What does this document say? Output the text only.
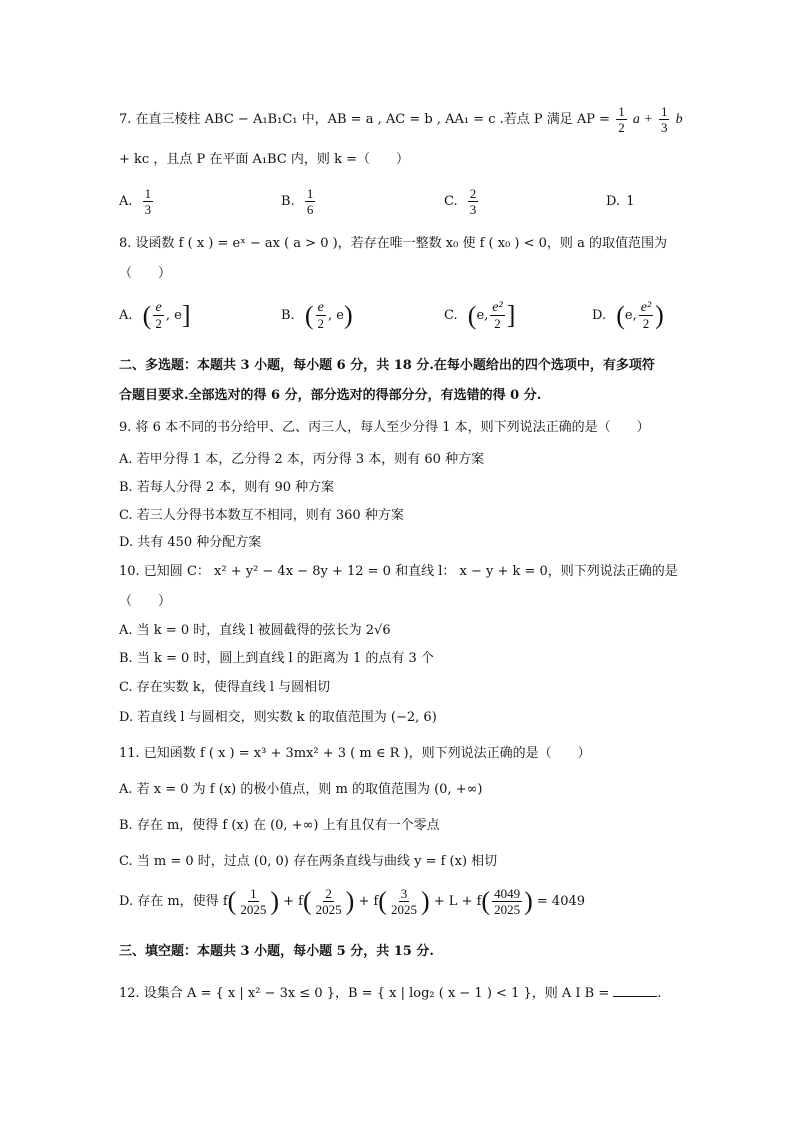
7. 在直三棱柱 ABC − A₁B₁C₁ 中，AB = a , AC = b , AA₁ = c .若点 P 满足 AP = $\frac{1}{2}$ $a + \frac{1}{3}$ b
+ kc ，且点 P 在平面 A₁BC 内，则 k =（　　）
A. $\frac{1}{3}$	B. $\frac{1}{6}$	C. $\frac{2}{3}$	D. 1
8. 设函数 f ( x ) = eˣ − ax ( a > 0 )，若存在唯一整数 x₀ 使 f ( x₀ ) < 0，则 a 的取值范围为
（　　）
A. ( $\frac{e}{2}$ , e]	B. ( $\frac{e}{2}$ , e)	C. (e, $\frac{\text{e²}}{2}$ ]	D. (e, $\frac{\text{e²}}{2}$ )
二、多选题：本题共 3 小题，每小题 6 分，共 18 分.在每小题给出的四个选项中，有多项符
合题目要求.全部选对的得 6 分，部分选对的得部分分，有选错的得 0 分.
9. 将 6 本不同的书分给甲、乙、丙三人，每人至少分得 1 本，则下列说法正确的是（　　）
A. 若甲分得 1 本，乙分得 2 本，丙分得 3 本，则有 60 种方案
B. 若每人分得 2 本，则有 90 种方案
C. 若三人分得书本数互不相同，则有 360 种方案
D. 共有 450 种分配方案
10. 已知圆 C： x² + y² − 4x − 8y + 12 = 0 和直线 l： x − y + k = 0，则下列说法正确的是
（　　）
A. 当 k = 0 时，直线 l 被圆截得的弦长为 2√6
B. 当 k = 0 时，圆上到直线 l 的距离为 1 的点有 3 个
C. 存在实数 k，使得直线 l 与圆相切
D. 若直线 l 与圆相交，则实数 k 的取值范围为 (−2, 6)
11. 已知函数 f ( x ) = x³ + 3mx² + 3 ( m ∈ R )，则下列说法正确的是（　　）
A. 若 x = 0 为 f (x) 的极小值点，则 m 的取值范围为 (0, +∞)
B. 存在 m，使得 f (x) 在 (0, +∞) 上有且仅有一个零点
C. 当 m = 0 时，过点 (0, 0) 存在两条直线与曲线 y = f (x) 相切
D. 存在 m，使得 $f( \frac{1}{2025}$ ) + $f( \frac{2}{2025}$ ) + $f( \frac{3}{2025}$ ) + $L + f( \frac{4049}{2025}$ ) = 4049
三、填空题：本题共 3 小题，每小题 5 分，共 15 分.
12. 设集合 A = { x | x² − 3x ≤ 0 }，B = { x | log₂ ( x − 1 ) < 1 }，则 A I B =	.
